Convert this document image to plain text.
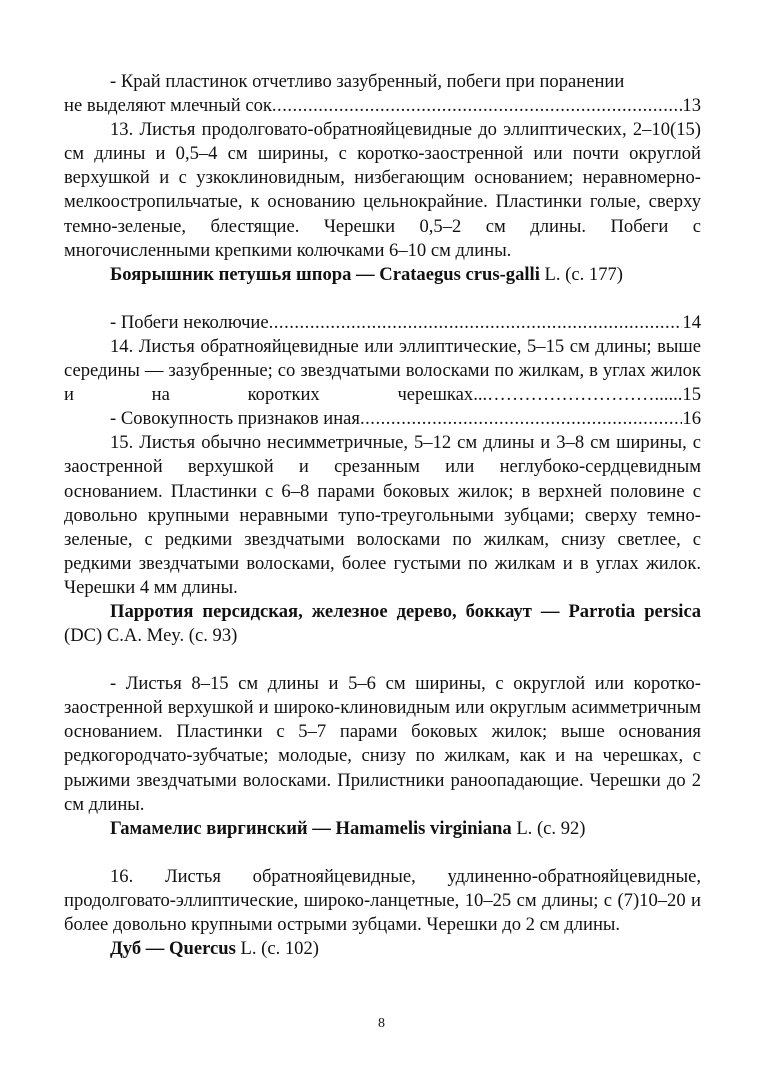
- Край пластинок отчетливо зазубренный, побеги при поранении

не выделяют млечный сок .....	13

13. Листья продолговато-обратнояйцевидные до эллиптических, 2–10(15) см длины и 0,5–4 см ширины, с коротко-заостренной или почти округлой верхушкой и с узкоклиновидным, низбегающим основанием; неравномерно-мелкоостропильчатые, к основанию цельнокрайние. Пластинки голые, сверху темно-зеленые, блестящие. Черешки 0,5–2 см длины. Побеги с многочисленными крепкими колючками 6–10 см длины.

Боярышник петушья шпора — Crataegus crus-galli L. (с. 177)

- Побеги неколючие .....	14

14. Листья обратнояйцевидные или эллиптические, 5–15 см длины; выше середины — зазубренные; со звездчатыми волосками по жилкам, в углах жилок и на коротких черешках...………………………......15

- Совокупность признаков иная .....	16

15. Листья обычно несимметричные, 5–12 см длины и 3–8 см ширины, с заостренной верхушкой и срезанным или неглубоко-сердцевидным основанием. Пластинки с 6–8 парами боковых жилок; в верхней половине с довольно крупными неравными тупо-треугольными зубцами; сверху темно-зеленые, с редкими звездчатыми волосками по жилкам, снизу светлее, с редкими звездчатыми волосками, более густыми по жилкам и в углах жилок. Черешки 4 мм длины.

Парротия персидская, железное дерево, боккаут — Parrotia persica (DC) C.A. Mey. (с. 93)

- Листья 8–15 см длины и 5–6 см ширины, с округлой или коротко-заостренной верхушкой и широко-клиновидным или округлым асимметричным основанием. Пластинки с 5–7 парами боковых жилок; выше основания редкогородчато-зубчатые; молодые, снизу по жилкам, как и на черешках, с рыжими звездчатыми волосками. Прилистники раноопадающие. Черешки до 2 см длины.

Гамамелис виргинский — Hamamelis virginiana L. (с. 92)

16. Листья обратнояйцевидные, удлиненно-обратнояйцевидные, продолговато-эллиптические, широко-ланцетные, 10–25 см длины; с (7)10–20 и более довольно крупными острыми зубцами. Черешки до 2 см длины.

Дуб — Quercus L. (с. 102)

8
